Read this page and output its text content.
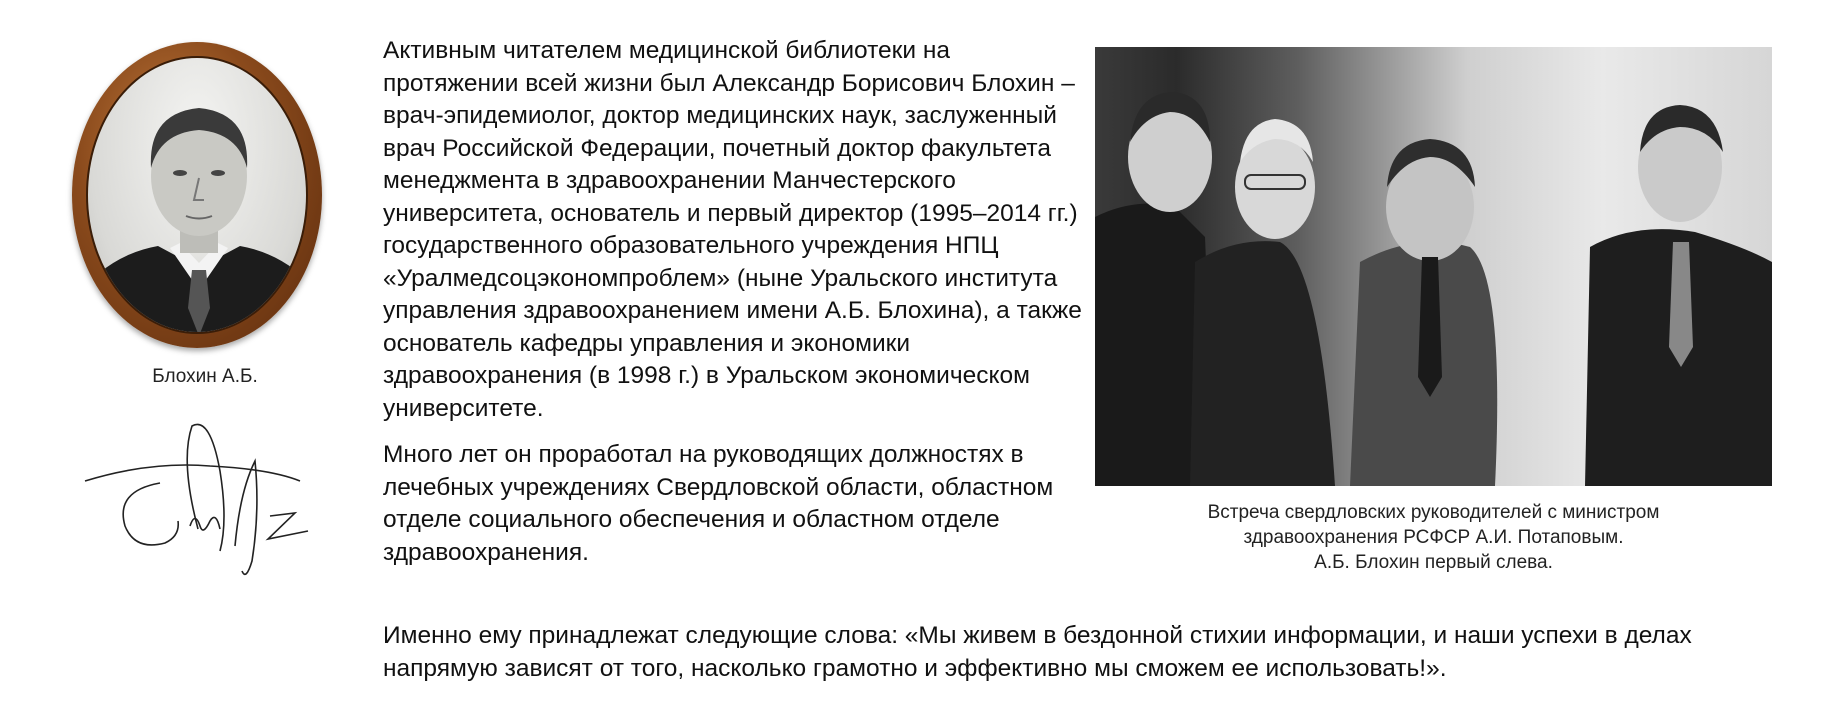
Блохин А.Б.

Активным читателем медицинской библиотеки на протяжении всей жизни был Александр Борисович Блохин – врач-эпидемиолог, доктор медицинских наук, заслуженный врач Российской Федерации, почетный доктор факультета менеджмента в здравоохранении Манчестерского университета, основатель и первый директор (1995–2014 гг.) государственного образовательного учреждения НПЦ «Уралмедсоцэкономпроблем» (ныне Уральского института управления здравоохранением имени А.Б. Блохина), а также основатель кафедры управления и экономики здравоохранения (в 1998 г.) в Уральском экономическом университете.

Много лет он проработал на руководящих должностях в лечебных учреждениях Свердловской области, областном отделе социального обеспечения и областном отделе здравоохранения.

Встреча свердловских руководителей с министром
здравоохранения РСФСР А.И. Потаповым.
А.Б. Блохин первый слева.
Именно ему принадлежат следующие слова: «Мы живем в бездонной стихии информации, и наши успехи в делах напрямую зависят от того, насколько грамотно и эффективно мы сможем ее использовать!».
